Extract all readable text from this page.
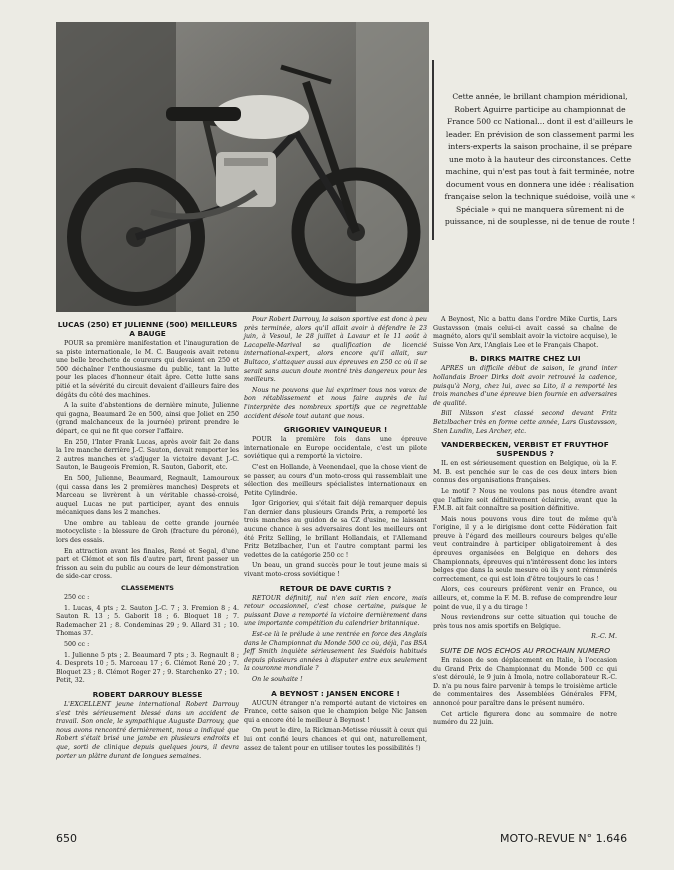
Cette année, le brillant champion méridional, Robert Aguirre participe au championnat de France 500 cc National... dont il est d'ailleurs le leader. En prévision de son classement parmi les inters-experts la saison prochaine, il se prépare une moto à la hauteur des circonstances. Cette machine, qui n'est pas tout à fait terminée, notre document vous en donnera une idée : réalisation française selon la technique suédoise, voilà une « Spéciale » qui ne manquera sûrement ni de puissance, ni de souplesse, ni de tenue de route !
LUCAS (250) ET JULIENNE (500) MEILLEURS A BAUGE

POUR sa première manifestation et l'inauguration de sa piste internationale, le M. C. Baugeois avait retenu une belle brochette de coureurs qui devaient en 250 et 500 déchaîner l'enthousiasme du public, tant la lutte pour les places d'honneur était âpre. Cette lutte sans pitié et la sévérité du circuit devaient d'ailleurs faire des dégâts du côté des machines.

A la suite d'abstentions de dernière minute, Julienne qui gagna, Beaumard 2e en 500, ainsi que Joliet en 250 (grand malchanceux de la journée) prirent prendre le départ, ce qui ne fit que corser l'affaire.

En 250, l'Inter Frank Lucas, après avoir fait 2e dans la 1re manche derrière J.-C. Sauton, devait remporter les 2 autres manches et s'adjuger la victoire devant J.-C. Sauton, le Baugeois Fremion, R. Sauton, Gaborit, etc.

En 500, Julienne, Beaumard, Regnault, Lamouroux (qui cassa dans les 2 premières manches) Desprets et Marceau se livrèrent à un véritable chassé-croisé, auquel Lucas ne put participer, ayant des ennuis mécaniques dans les 2 manches.

Une ombre au tableau de cette grande journée motocycliste : la blessure de Groh (fracture du péroné), lors des essais.

En attraction avant les finales, René et Segal, d'une part et Clémot et son fils d'autre part, firent passer un frisson au sein du public au cours de leur démonstration de side-car cross.

CLASSEMENTS

250 cc :

1. Lucas, 4 pts ; 2. Sauton J.-C. 7 ; 3. Fremion 8 ; 4. Sauton R. 13 ; 5. Gaborit 18 ; 6. Bloquet 18 ; 7. Rademacher 21 ; 8. Condeminas 29 ; 9. Allard 31 ; 10. Thomas 37.

500 cc :

1. Julienne 5 pts ; 2. Beaumard 7 pts ; 3. Regnault 8 ; 4. Desprets 10 ; 5. Marceau 17 ; 6. Clémot René 20 ; 7. Bloquet 23 ; 8. Clémot Roger 27 ; 9. Starchenko 27 ; 10. Petit, 32.

ROBERT DARROUY BLESSE

L'EXCELLENT jeune international Robert Darrouy s'est très sérieusement blessé dans un accident de travail. Son oncle, le sympathique Auguste Darrouy, que nous avons rencontré dernièrement, nous a indiqué que Robert s'était brisé une jambe en plusieurs endroits et que, sorti de clinique depuis quelques jours, il devra porter un plâtre durant de longues semaines.

Pour Robert Darrouy, la saison sportive est donc à peu près terminée, alors qu'il allait avoir à défendre le 23 juin, à Vesoul, le 28 juillet à Lavaur et le 11 août à Lacapelle-Marival sa qualification de licencié international-expert, alors encore qu'il allait, sur Bultaco, s'attaquer aussi aux épreuves en 250 cc où il se serait sans aucun doute montré très dangereux pour les meilleurs.

Nous ne pouvons que lui exprimer tous nos vœux de bon rétablissement et nous faire auprès de lui l'interprète des nombreux sportifs que ce regrettable accident désole tout autant que nous.

GRIGORIEV VAINQUEUR !

POUR la première fois dans une épreuve internationale en Europe occidentale, c'est un pilote soviétique qui a remporté la victoire.

C'est en Hollande, à Veenendael, que la chose vient de se passer, au cours d'un moto-cross qui rassemblait une sélection des meilleurs spécialistes internationaux en Petite Cylindrée.

Igor Grigoriev, qui s'était fait déjà remarquer depuis l'an dernier dans plusieurs Grands Prix, a remporté les trois manches au guidon de sa CZ d'usine, ne laissant aucune chance à ses adversaires dont les meilleurs ont été Fritz Selling, le brillant Hollandais, et l'Allemand Fritz Betzlbacher, l'un et l'autre comptant parmi les vedettes de la catégorie 250 cc !

Un beau, un grand succès pour le tout jeune mais si vivant moto-cross soviétique !

RETOUR DE DAVE CURTIS ?

RETOUR définitif, nul n'en sait rien encore, mais retour occasionnel, c'est chose certaine, puisque le puissant Dave a remporté la victoire dernièrement dans une importante compétition du calendrier britannique.

Est-ce là le prélude à une rentrée en force des Anglais dans le Championnat du Monde 500 cc où, déjà, l'as BSA Jeff Smith inquiète sérieusement les Suédois habitués depuis plusieurs années à disputer entre eux seulement la couronne mondiale ?

On le souhaite !

A BEYNOST : JANSEN ENCORE !

AUCUN étranger n'a remporté autant de victoires en France, cette saison que le champion belge Nic Jansen qui a encore été le meilleur à Beynost !

On peut le dire, la Rickman-Metisse réussit à ceux qui lui ont confié leurs chances et qui ont, naturellement, assez de talent pour en utiliser toutes les possibilités !)

A Beynost, Nic a battu dans l'ordre Mike Curtis, Lars Gustavsson (mais celui-ci avait cassé sa chaîne de magnéto, alors qu'il semblait avoir la victoire acquise), le Suisse Von Arx, l'Anglais Lee et le Français Chapot.

B. DIRKS MAITRE CHEZ LUI

APRES un difficile début de saison, le grand inter hollandais Broer Dirks doit avoir retrouvé la cadence, puisqu'à Norg, chez lui, avec sa Lito, il a remporté les trois manches d'une épreuve bien fournie en adversaires de qualité.

Bill Nilsson s'est classé second devant Fritz Betzlbacher très en forme cette année, Lars Gustavsson, Sten Lundin, Les Archer, etc.

VANDERBECKEN, VERBIST ET FRUYTHOF SUSPENDUS ?

IL en est sérieusement question en Belgique, où la F. M. B. est penchée sur le cas de ces deux inters bien connus des organisations françaises.

Le motif ? Nous ne voulons pas nous étendre avant que l'affaire soit définitivement éclaircie, avant que la F.M.B. ait fait connaître sa position définitive.

Mais nous pouvons vous dire tout de même qu'à l'origine, il y a le dirigisme dont cette Fédération fait preuve à l'égard des meilleurs coureurs belges qu'elle veut contraindre à participer obligatoirement à des épreuves organisées en Belgique en dehors des Championnats, épreuves qui n'intéressent donc les inters belges que dans la seule mesure où ils y sont rémunérés correctement, ce qui est loin d'être toujours le cas !

Alors, ces coureurs préfèrent venir en France, ou ailleurs, et, comme la F. M. B. refuse de comprendre leur point de vue, il y a du tirage !

Nous reviendrons sur cette situation qui touche de près tous nos amis sportifs en Belgique.

R.-C. M.

SUITE DE NOS ECHOS AU PROCHAIN NUMERO

En raison de son déplacement en Italie, à l'occasion du Grand Prix de Championnat du Monde 500 cc qui s'est déroulé, le 9 juin à Imola, notre collaborateur R.-C. D. n'a pu nous faire parvenir à temps le troisième article de commentaires des Assemblées Générales FFM, annoncé pour paraître dans le présent numéro.

Cet article figurera donc au sommaire de notre numéro du 22 juin.

650	MOTO-REVUE N° 1.646
